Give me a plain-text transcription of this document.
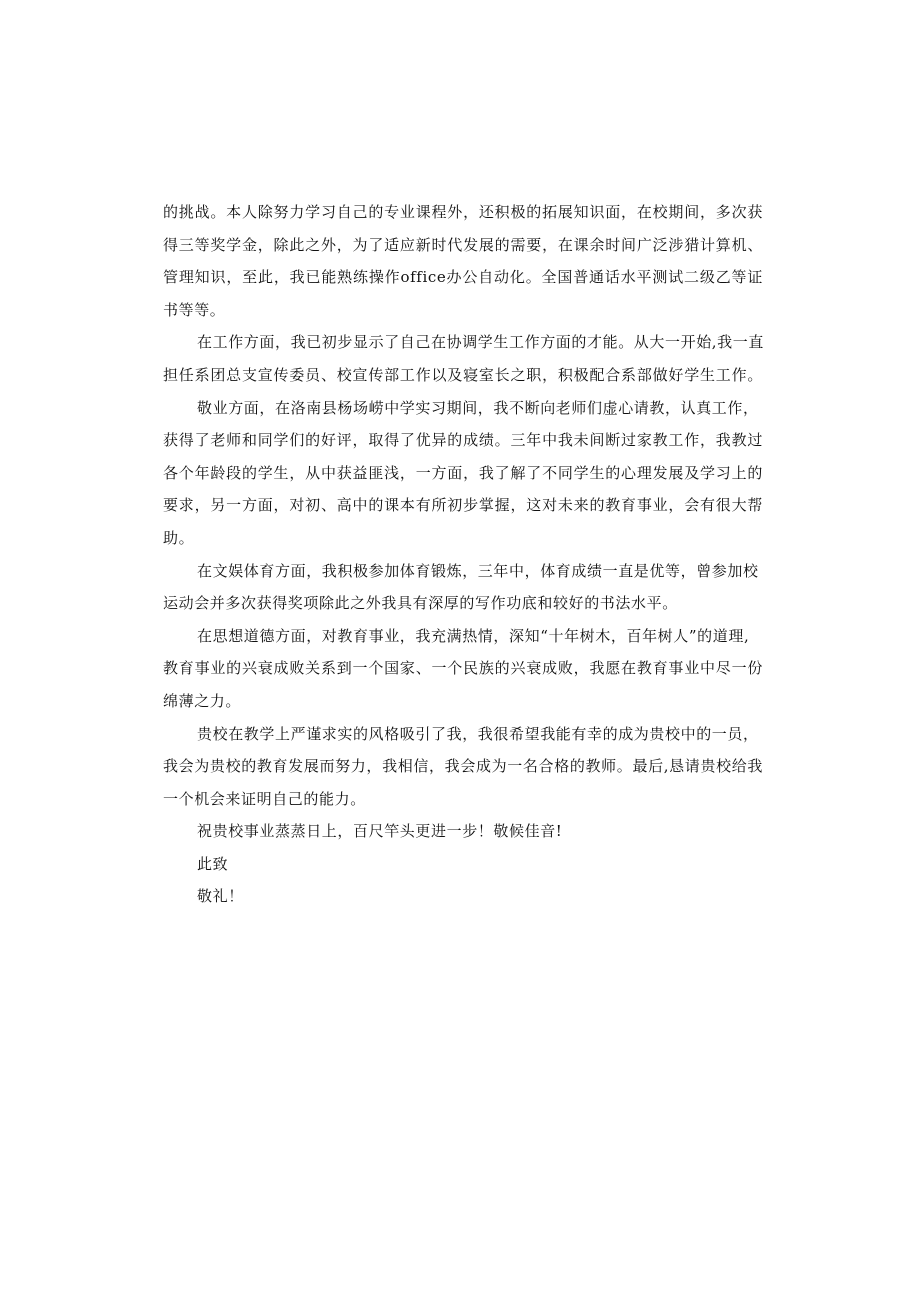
的挑战。本人除努力学习自己的专业课程外，还积极的拓展知识面，在校期间，多次获
得三等奖学金，除此之外，为了适应新时代发展的需要，在课余时间广泛涉猎计算机、
管理知识，至此，我已能熟练操作office办公自动化。全国普通话水平测试二级乙等证
书等等。
在工作方面，我已初步显示了自己在协调学生工作方面的才能。从大一开始,我一直
担任系团总支宣传委员、校宣传部工作以及寝室长之职，积极配合系部做好学生工作。
敬业方面，在洛南县杨场崂中学实习期间，我不断向老师们虚心请教，认真工作，
获得了老师和同学们的好评，取得了优异的成绩。三年中我未间断过家教工作，我教过
各个年龄段的学生，从中获益匪浅，一方面，我了解了不同学生的心理发展及学习上的
要求，另一方面，对初、高中的课本有所初步掌握，这对未来的教育事业，会有很大帮
助。
在文娱体育方面，我积极参加体育锻炼，三年中，体育成绩一直是优等，曾参加校
运动会并多次获得奖项除此之外我具有深厚的写作功底和较好的书法水平。
在思想道德方面，对教育事业，我充满热情，深知“十年树木，百年树人”的道理,
教育事业的兴衰成败关系到一个国家、一个民族的兴衰成败，我愿在教育事业中尽一份
绵薄之力。
贵校在教学上严谨求实的风格吸引了我，我很希望我能有幸的成为贵校中的一员，
我会为贵校的教育发展而努力，我相信，我会成为一名合格的教师。最后,恳请贵校给我
一个机会来证明自己的能力。
祝贵校事业蒸蒸日上，百尺竿头更进一步！敬候佳音!
此致
敬礼！
